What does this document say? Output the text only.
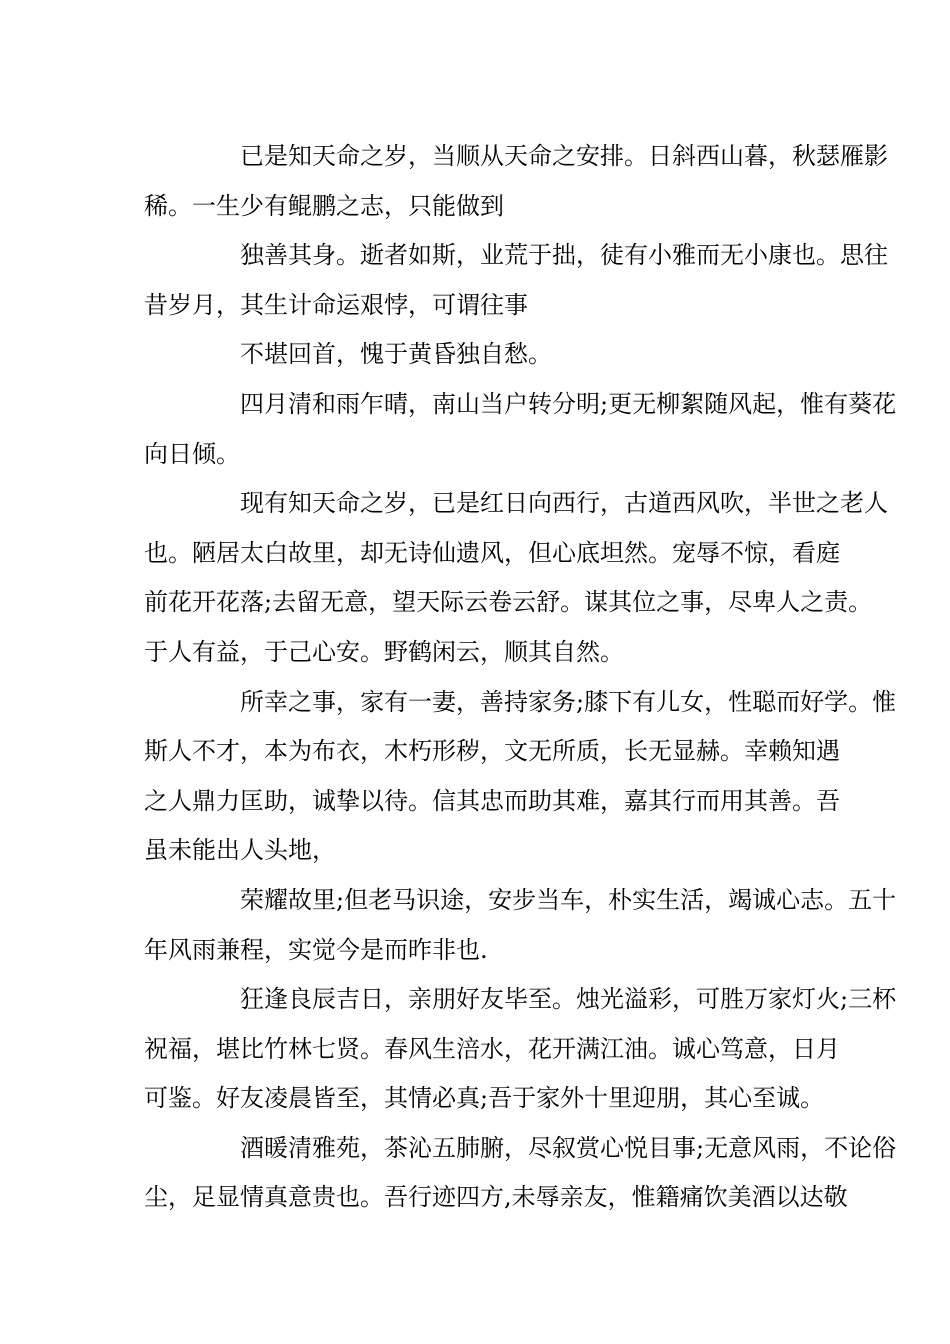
已是知天命之岁，当顺从天命之安排。日斜西山暮，秋瑟雁影
稀。一生少有鲲鹏之志，只能做到

独善其身。逝者如斯，业荒于拙，徒有小雅而无小康也。思往
昔岁月，其生计命运艰悖，可谓往事

不堪回首，愧于黄昏独自愁。

四月清和雨乍晴，南山当户转分明;更无柳絮随风起，惟有葵花
向日倾。

现有知天命之岁，已是红日向西行，古道西风吹，半世之老人
也。陋居太白故里，却无诗仙遗风，但心底坦然。宠辱不惊，看庭
前花开花落;去留无意，望天际云卷云舒。谋其位之事，尽卑人之责。
于人有益，于己心安。野鹤闲云，顺其自然。

所幸之事，家有一妻，善持家务;膝下有儿女，性聪而好学。惟
斯人不才，本为布衣，木朽形秽，文无所质，长无显赫。幸赖知遇
之人鼎力匡助，诚挚以待。信其忠而助其难，嘉其行而用其善。吾
虽未能出人头地，

荣耀故里;但老马识途，安步当车，朴实生活，竭诚心志。五十
年风雨兼程，实觉今是而昨非也.

狂逢良辰吉日，亲朋好友毕至。烛光溢彩，可胜万家灯火;三杯
祝福，堪比竹林七贤。春风生涪水，花开满江油。诚心笃意，日月
可鉴。好友凌晨皆至，其情必真;吾于家外十里迎朋，其心至诚。

酒暖清雅苑，茶沁五肺腑，尽叙赏心悦目事;无意风雨，不论俗
尘，足显情真意贵也。吾行迹四方,未辱亲友，惟籍痛饮美酒以达敬
